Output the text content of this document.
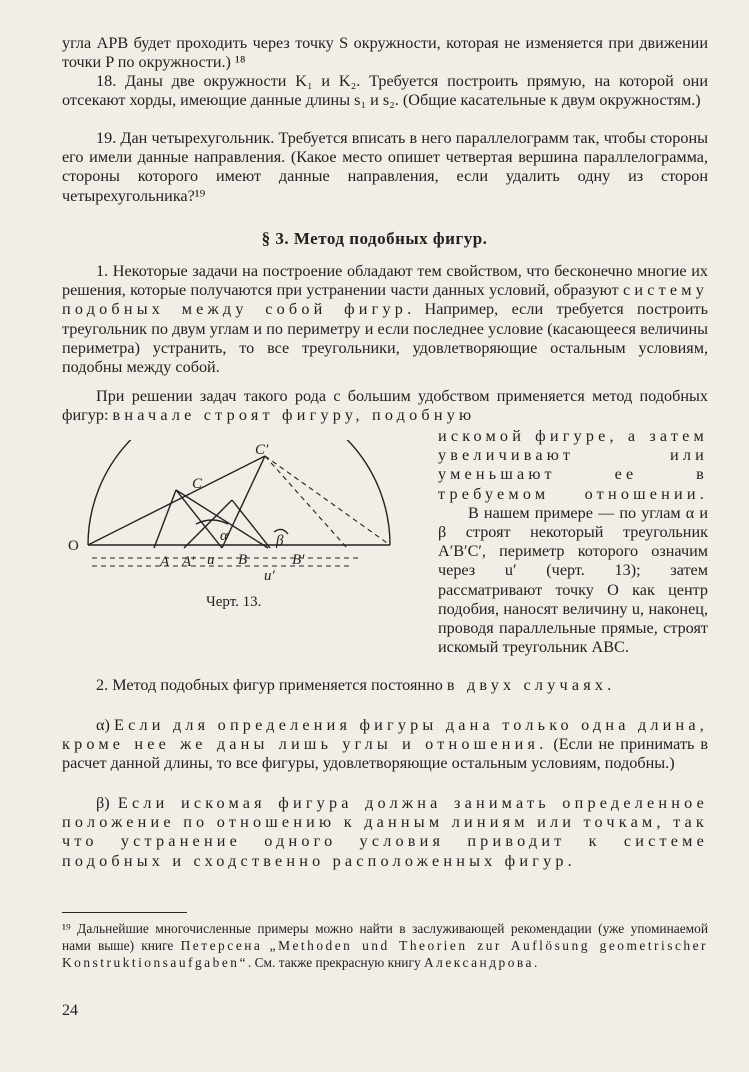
угла APB будет проходить через точку S окружности, которая не изменяется при движении точки P по окружности.) ¹⁸

18. Даны две окружности K₁ и K₂. Требуется построить прямую, на которой они отсекают хорды, имеющие данные длины s₁ и s₂. (Общие касательные к двум окружностям.)

19. Дан четырехугольник. Требуется вписать в него параллелограмм так, чтобы стороны его имели данные направления. (Какое место опишет четвертая вершина параллелограмма, стороны которого имеют данные направления, если удалить одну из сторон четырехугольника?¹⁹

§ 3. Метод подобных фигур.

1. Некоторые задачи на построение обладают тем свойством, что бесконечно многие их решения, которые получаются при устранении части данных условий, образуют систему подобных между собой фигур. Например, если требуется построить треугольник по двум углам и по периметру и если последнее условие (касающееся величины периметра) устранить, то все треугольники, удовлетворяющие остальным условиям, подобны между собой.

При решении задач такого рода с большим удобством применяется метод подобных фигур: вначале строят фигуру, подобную

искомой фигуре, а затем увеличивают или уменьшают ее в требуемом отношении. В нашем примере — по углам α и β строят некоторый треугольник A′B′C′, периметр которого означим через u′ (черт. 13); затем рассматривают точку O как центр подобия, наносят величину u, наконец, проводя параллельные прямые, строят искомый треугольник ABC.

O
A A′ u B	B′
u′
C
C′
α	β
Черт. 13.

2. Метод подобных фигур применяется постоянно в двух случаях.

α) Если для определения фигуры дана только одна длина, кроме нее же даны лишь углы и отношения. (Если не принимать в расчет данной длины, то все фигуры, удовлетворяющие остальным условиям, подобны.)

β) Если искомая фигура должна занимать определенное положение по отношению к данным линиям или точкам, так что устранение одного условия приводит к системе подобных и сходственно расположенных фигур.

¹⁹ Дальнейшие многочисленные примеры можно найти в заслуживающей рекомендации (уже упоминаемой нами выше) книге Петерсена „Methoden und Theorien zur Auflösung geometrischer Konstruktionsaufgaben“. См. также прекрасную книгу Александрова.

24
